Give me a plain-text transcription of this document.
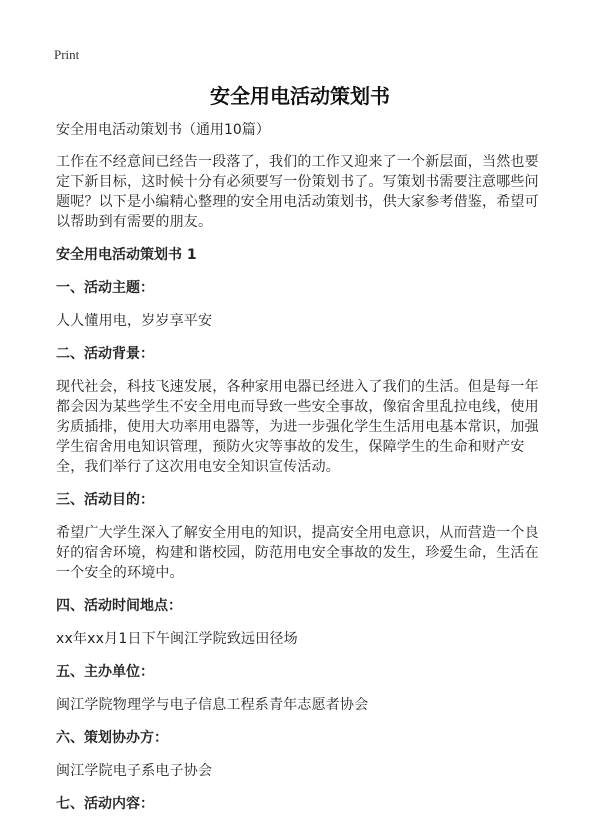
Print
安全用电活动策划书

安全用电活动策划书（通用10篇）

工作在不经意间已经告一段落了，我们的工作又迎来了一个新层面，当然也要定下新目标，这时候十分有必须要写一份策划书了。写策划书需要注意哪些问题呢？以下是小编精心整理的安全用电活动策划书，供大家参考借鉴，希望可以帮助到有需要的朋友。

安全用电活动策划书 1

一、活动主题：

人人懂用电，岁岁享平安

二、活动背景：

现代社会，科技飞速发展，各种家用电器已经进入了我们的生活。但是每一年都会因为某些学生不安全用电而导致一些安全事故，像宿舍里乱拉电线，使用劣质插排，使用大功率用电器等，为进一步强化学生生活用电基本常识，加强学生宿舍用电知识管理，预防火灾等事故的发生，保障学生的生命和财产安全，我们举行了这次用电安全知识宣传活动。

三、活动目的：

希望广大学生深入了解安全用电的知识，提高安全用电意识，从而营造一个良好的宿舍环境，构建和谐校园，防范用电安全事故的发生，珍爱生命，生活在一个安全的环境中。

四、活动时间地点：

xx年xx月1日下午闽江学院致远田径场

五、主办单位：

闽江学院物理学与电子信息工程系青年志愿者协会

六、策划协办方：

闽江学院电子系电子协会

七、活动内容：
